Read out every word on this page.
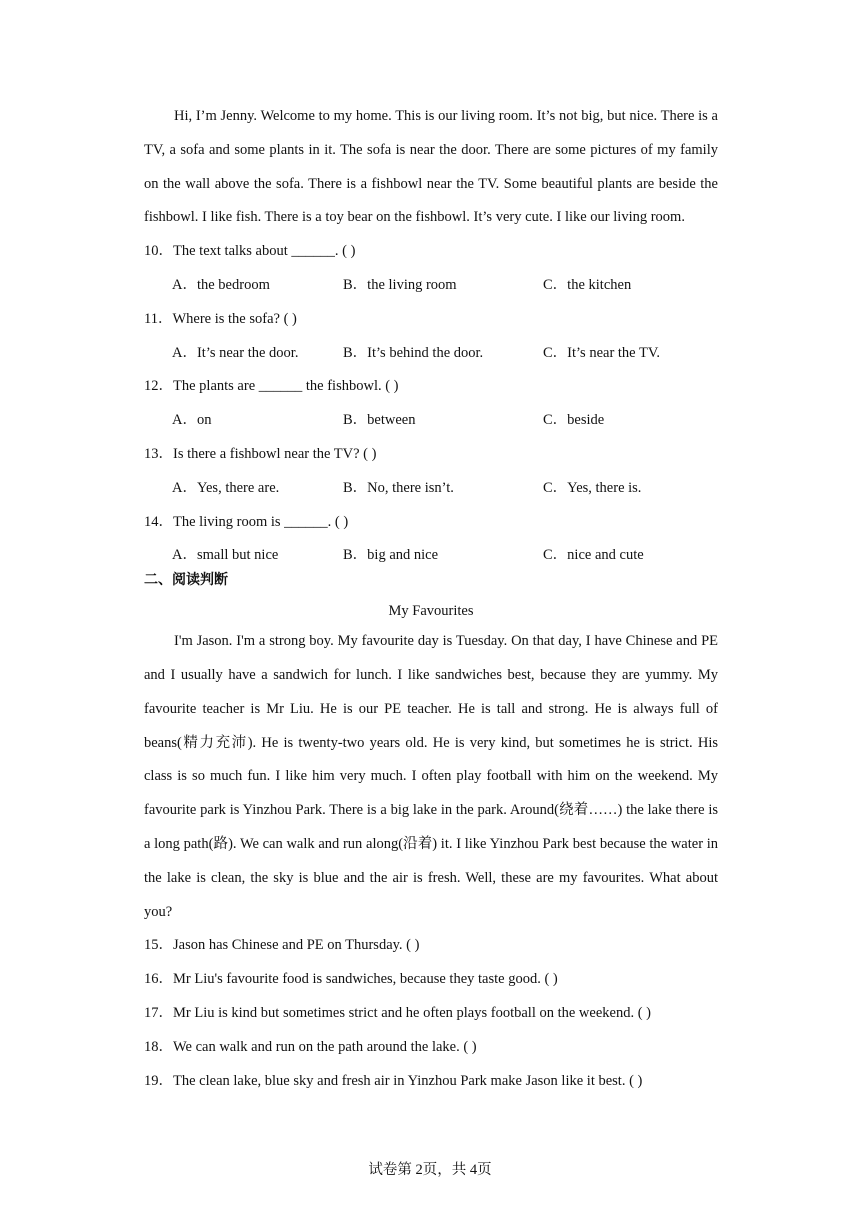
Hi, I’m Jenny. Welcome to my home. This is our living room. It’s not big, but nice. There is a TV, a sofa and some plants in it. The sofa is near the door. There are some pictures of my family on the wall above the sofa. There is a fishbowl near the TV. Some beautiful plants are beside the fishbowl. I like fish. There is a toy bear on the fishbowl. It’s very cute. I like our living room.

10．The text talks about ______. ( )
A．the bedroom	B．the living room	C．the kitchen
11．Where is the sofa? ( )
A．It’s near the door.	B．It’s behind the door.	C．It’s near the TV.
12．The plants are ______ the fishbowl. ( )
A．on	B．between	C．beside
13．Is there a fishbowl near the TV? ( )
A．Yes, there are.	B．No, there isn’t.	C．Yes, there is.
14．The living room is ______. ( )
A．small but nice	B．big and nice	C．nice and cute
二、阅读判断
My Favourites

I'm Jason. I'm a strong boy. My favourite day is Tuesday. On that day, I have Chinese and PE and I usually have a sandwich for lunch. I like sandwiches best, because they are yummy. My favourite teacher is Mr Liu. He is our PE teacher. He is tall and strong. He is always full of beans(精力充沛). He is twenty-two years old. He is very kind, but sometimes he is strict. His class is so much fun. I like him very much. I often play football with him on the weekend. My favourite park is Yinzhou Park. There is a big lake in the park. Around(绕着……) the lake there is a long path(路). We can walk and run along(沿着) it. I like Yinzhou Park best because the water in the lake is clean, the sky is blue and the air is fresh. Well, these are my favourites. What about you?

15．Jason has Chinese and PE on Thursday. ( )
16．Mr Liu's favourite food is sandwiches, because they taste good. ( )
17．Mr Liu is kind but sometimes strict and he often plays football on the weekend. ( )
18．We can walk and run on the path around the lake. ( )
19．The clean lake, blue sky and fresh air in Yinzhou Park make Jason like it best. ( )
试卷第 2页，共 4页
